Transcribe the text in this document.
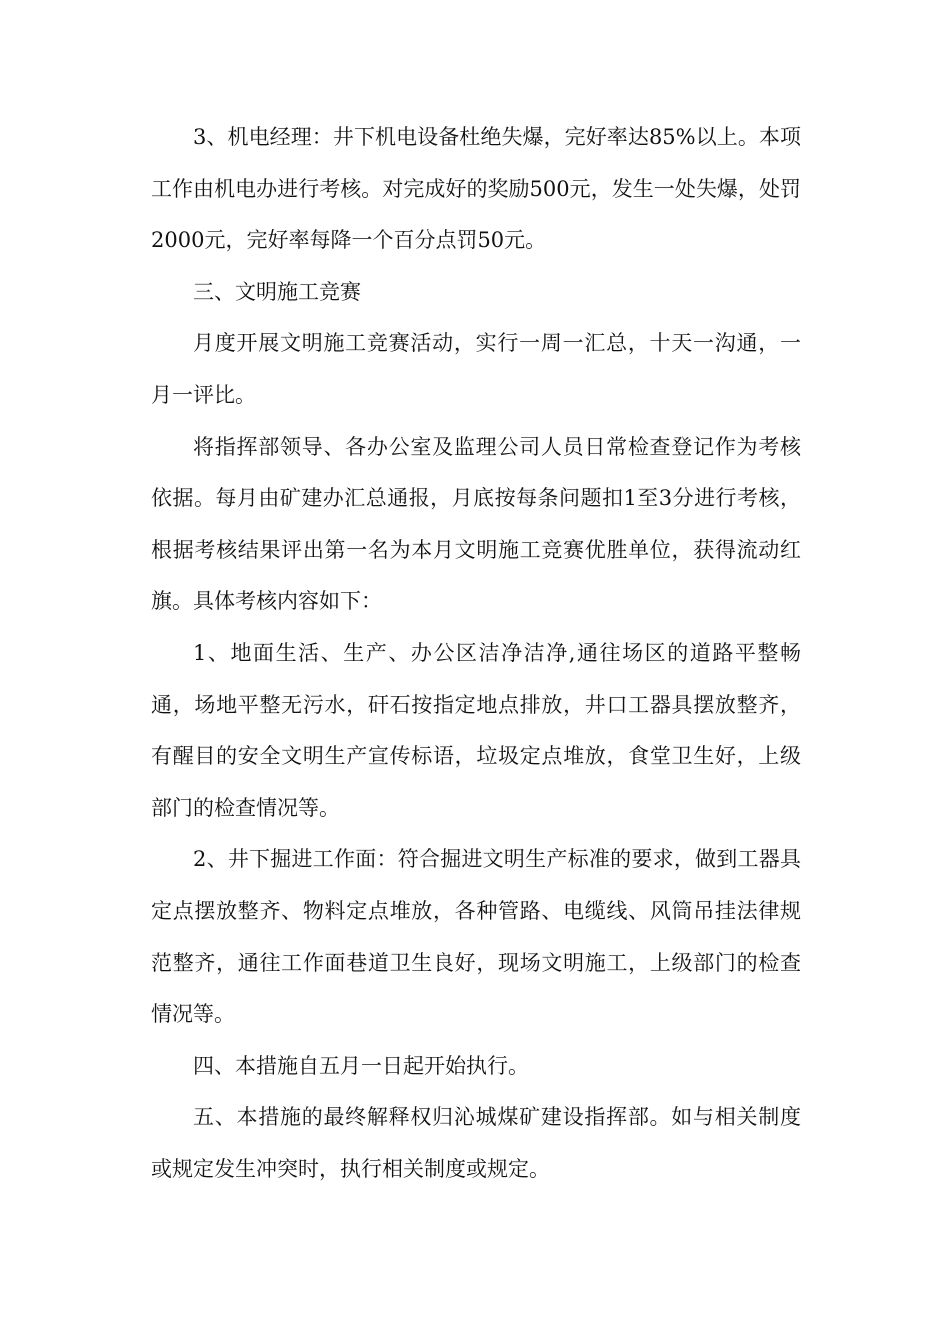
3、机电经理：井下机电设备杜绝失爆，完好率达85%以上。本项工作由机电办进行考核。对完成好的奖励500元，发生一处失爆，处罚2000元，完好率每降一个百分点罚50元。

三、文明施工竞赛

月度开展文明施工竞赛活动，实行一周一汇总，十天一沟通，一月一评比。

将指挥部领导、各办公室及监理公司人员日常检查登记作为考核依据。每月由矿建办汇总通报，月底按每条问题扣1至3分进行考核，根据考核结果评出第一名为本月文明施工竞赛优胜单位，获得流动红旗。具体考核内容如下：

1、地面生活、生产、办公区洁净洁净,通往场区的道路平整畅通，场地平整无污水，矸石按指定地点排放，井口工器具摆放整齐，有醒目的安全文明生产宣传标语，垃圾定点堆放，食堂卫生好，上级部门的检查情况等。

2、井下掘进工作面：符合掘进文明生产标准的要求，做到工器具定点摆放整齐、物料定点堆放，各种管路、电缆线、风筒吊挂法律规范整齐，通往工作面巷道卫生良好，现场文明施工，上级部门的检查情况等。

四、本措施自五月一日起开始执行。

五、本措施的最终解释权归沁城煤矿建设指挥部。如与相关制度或规定发生冲突时，执行相关制度或规定。
